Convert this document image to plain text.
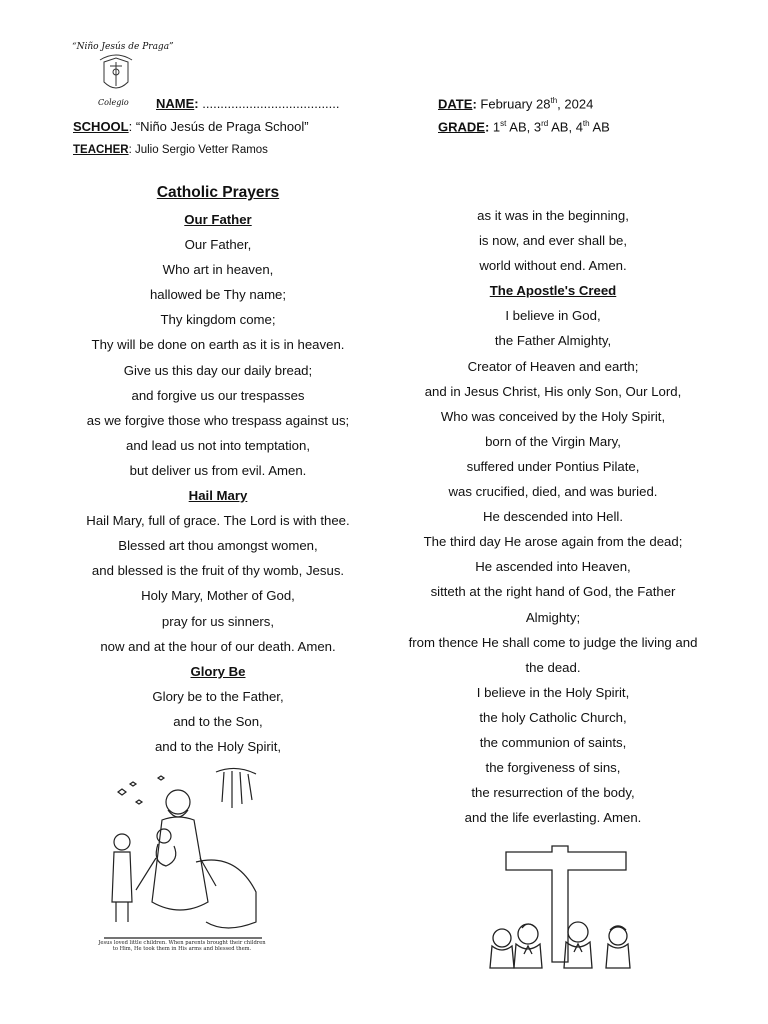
“Niño Jesús de Praga”
Colegio NAME: ......................................	DATE: February 28th, 2024
SCHOOL: “Niño Jesús de Praga School”	GRADE: 1st AB, 3rd AB, 4th AB
TEACHER: Julio Sergio Vetter Ramos
Catholic Prayers
Our Father
Our Father,
Who art in heaven,
hallowed be Thy name;
Thy kingdom come;
Thy will be done on earth as it is in heaven.
Give us this day our daily bread;
and forgive us our trespasses
as we forgive those who trespass against us;
and lead us not into temptation,
but deliver us from evil. Amen.
Hail Mary
Hail Mary, full of grace. The Lord is with thee.
Blessed art thou amongst women,
and blessed is the fruit of thy womb, Jesus.
Holy Mary, Mother of God,
pray for us sinners,
now and at the hour of our death. Amen.
Glory Be
Glory be to the Father,
and to the Son,
and to the Holy Spirit,
Jesus loved little children. When parents brought their children to Him, He took them in His arms and blessed them.
as it was in the beginning,
is now, and ever shall be,
world without end. Amen.
The Apostle's Creed
I believe in God,
the Father Almighty,
Creator of Heaven and earth;
and in Jesus Christ, His only Son, Our Lord,
Who was conceived by the Holy Spirit,
born of the Virgin Mary,
suffered under Pontius Pilate,
was crucified, died, and was buried.
He descended into Hell.
The third day He arose again from the dead;
He ascended into Heaven,
sitteth at the right hand of God, the Father
Almighty;
from thence He shall come to judge the living and
the dead.
I believe in the Holy Spirit,
the holy Catholic Church,
the communion of saints,
the forgiveness of sins,
the resurrection of the body,
and the life everlasting. Amen.
